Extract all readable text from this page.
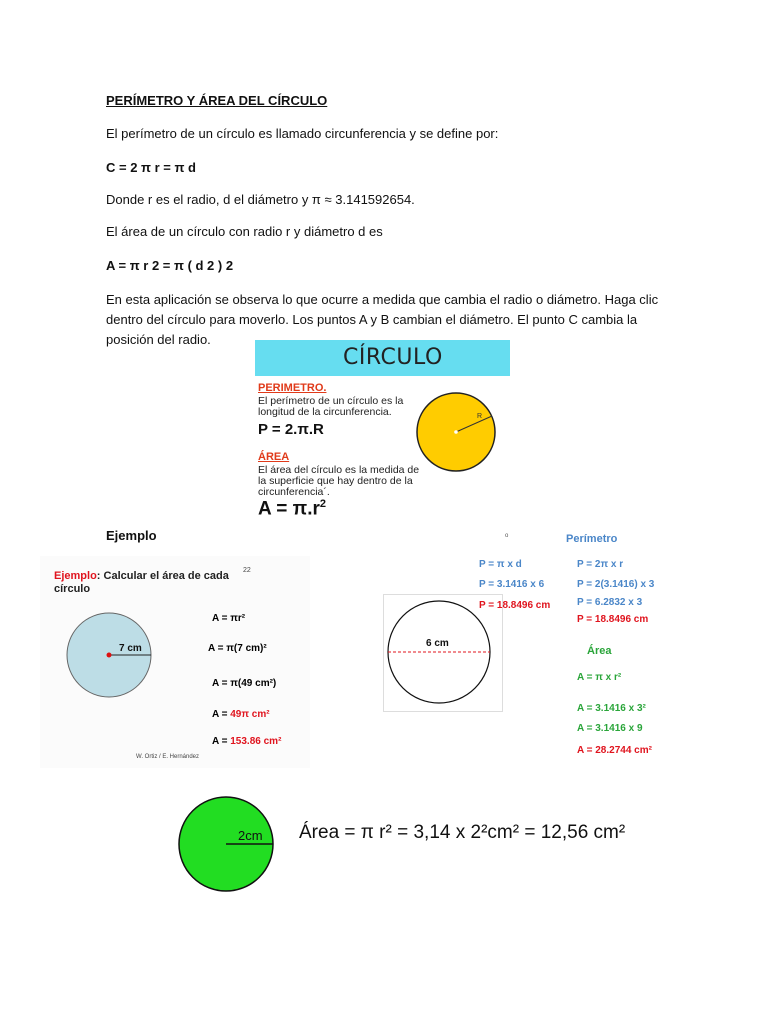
PERÍMETRO Y ÁREA DEL CÍRCULO
El perímetro de un círculo es llamado circunferencia y se define por:
C = 2 π r = π d
Donde r es el radio, d el diámetro y π ≈ 3.141592654.
El área de un círculo con radio r y diámetro d es
A = π r 2 = π ( d 2 ) 2
En esta aplicación se observa lo que ocurre a medida que cambia el radio o diámetro. Haga clic dentro del círculo para moverlo. Los puntos A y B cambian el diámetro. El punto C cambia la posición del radio.
Ejemplo
CÍRCULO
PERIMETRO.
El perímetro de un círculo es la longitud de la circunferencia.
P = 2.π.R
ÁREA
El área del círculo es la medida de la superficie que hay dentro de la circunferencia´.
$A = \pi.r^2$
R
Ejemplo: Calcular el área de cada círculo
22
7 cm
A = πr²
A = π(7 cm)²
A = π(49 cm²)
A = 49π cm²
A = 153.86 cm²
W. Ortiz / E. Hernández
o
6 cm
Perímetro
P = π x d
P = 3.1416 x 6
P = 18.8496 cm
P = 2π x r
P = 2(3.1416) x 3
P = 6.2832 x 3
P = 18.8496 cm
Área
A = π x r²
A = 3.1416 x 3²
A = 3.1416 x 9
A = 28.2744 cm²
2cm Área = π r² = 3,14 x 2²cm² = 12,56 cm²
